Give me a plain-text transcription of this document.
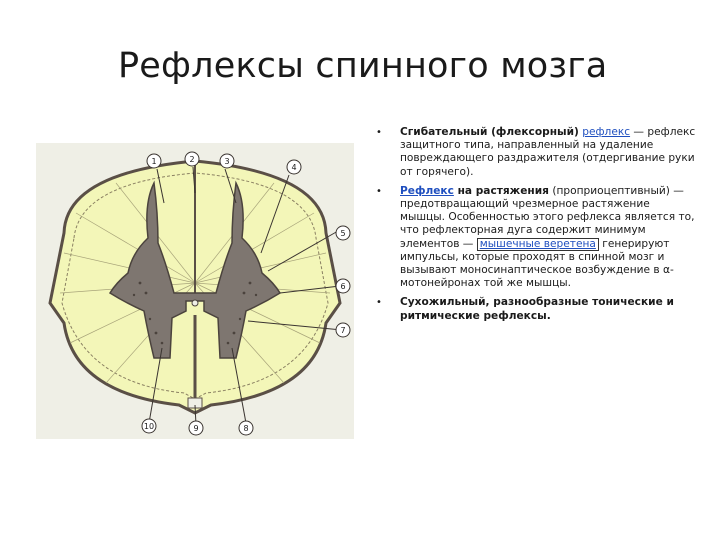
Рефлексы спинного мозга
1	2	3
4
5
6
7
8
9
10
• Сгибательный (флексорный) рефлекс — рефлекс защитного типа, направленный на удаление повреждающего раздражителя (отдергивание руки от горячего).
• Рефлекс на растяжения (проприоцептивный) — предотвращающий чрезмерное растяжение мышцы. Особенностью этого рефлекса является то, что рефлекторная дуга содержит минимум элементов — мышечные веретена генерируют импульсы, которые проходят в спинной мозг и вызывают моносинаптическое возбуждение в α-мотонейронах той же мышцы.
• Сухожильный, разнообразные тонические и ритмические рефлексы.
